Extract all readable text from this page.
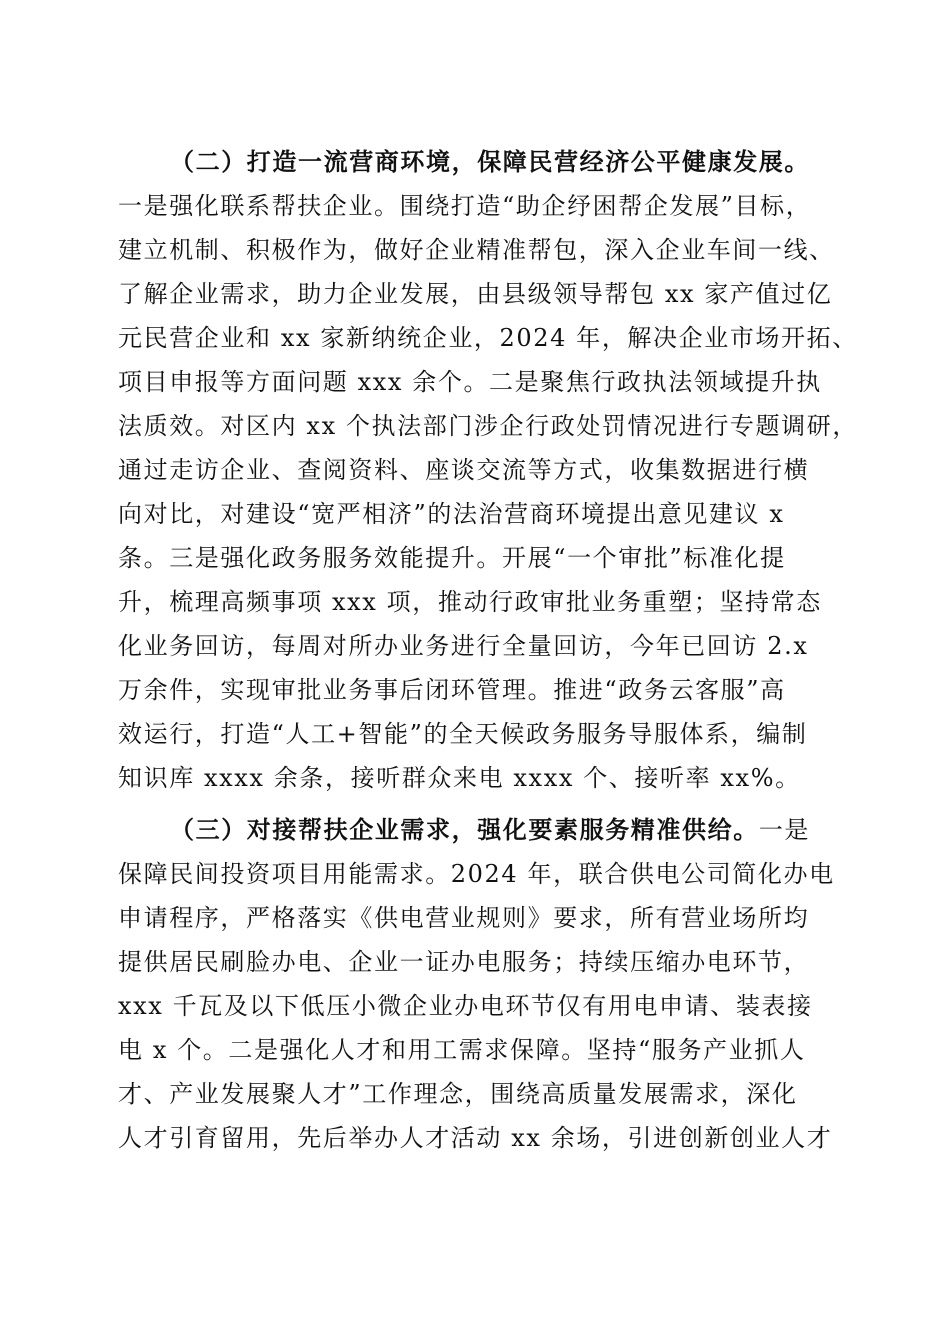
（二）打造一流营商环境，保障民营经济公平健康发展。
一是强化联系帮扶企业。围绕打造“助企纾困帮企发展”目标，
建立机制、积极作为，做好企业精准帮包，深入企业车间一线、
了解企业需求，助力企业发展，由县级领导帮包 xx 家产值过亿
元民营企业和 xx 家新纳统企业，2024 年，解决企业市场开拓、
项目申报等方面问题 xxx 余个。二是聚焦行政执法领域提升执
法质效。对区内 xx 个执法部门涉企行政处罚情况进行专题调研，
通过走访企业、查阅资料、座谈交流等方式，收集数据进行横
向对比，对建设“宽严相济”的法治营商环境提出意见建议 x
条。三是强化政务服务效能提升。开展“一个审批”标准化提
升，梳理高频事项 xxx 项，推动行政审批业务重塑；坚持常态
化业务回访，每周对所办业务进行全量回访，今年已回访 2.x
万余件，实现审批业务事后闭环管理。推进“政务云客服”高
效运行，打造“人工+智能”的全天候政务服务导服体系，编制
知识库 xxxx 余条，接听群众来电 xxxx 个、接听率 xx%。
（三）对接帮扶企业需求，强化要素服务精准供给。一是
保障民间投资项目用能需求。2024 年，联合供电公司简化办电
申请程序，严格落实《供电营业规则》要求，所有营业场所均
提供居民刷脸办电、企业一证办电服务；持续压缩办电环节，
xxx 千瓦及以下低压小微企业办电环节仅有用电申请、装表接
电 x 个。二是强化人才和用工需求保障。坚持“服务产业抓人
才、产业发展聚人才”工作理念，围绕高质量发展需求，深化
人才引育留用，先后举办人才活动 xx 余场，引进创新创业人才
